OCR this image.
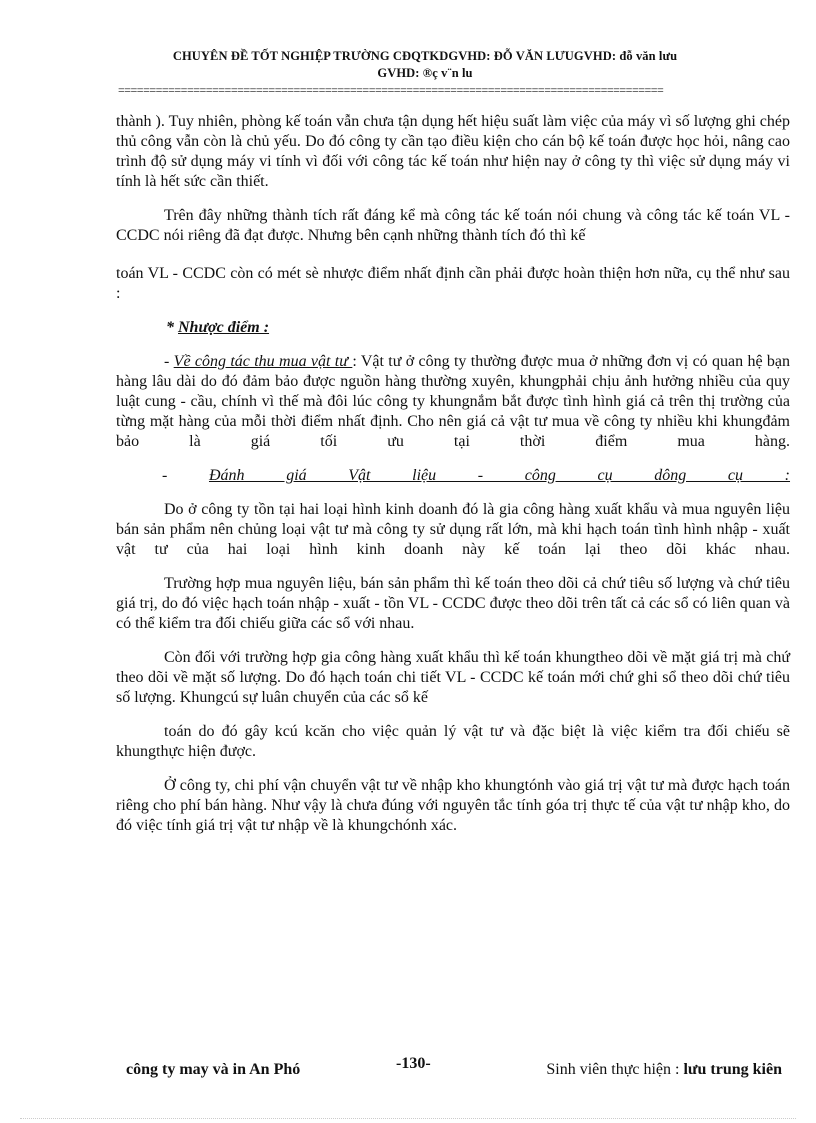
CHUYÊN ĐỀ TỐT NGHIỆP TRƯỜNG CĐQTKDGVHD: ĐỖ VĂN LƯUGVHD: đỗ văn lưu
GVHD: ®ç v¨n lu
=======================================================================================

thành ). Tuy nhiên, phòng kế toán vẫn chưa tận dụng hết hiệu suất làm việc của máy vì số lượng ghi chép thủ công vẫn còn là chủ yếu. Do đó công ty cần tạo điều kiện cho cán bộ kế toán được học hỏi, nâng cao trình độ sử dụng máy vi tính vì đối với công tác kế toán như hiện nay ở công ty thì việc sử dụng máy vi tính là hết sức cần thiết.

Trên đây những thành tích rất đáng kể mà công tác kế toán nói chung và công tác kế toán VL - CCDC nói riêng đã đạt được. Nhưng bên cạnh những thành tích đó thì kế

toán VL - CCDC còn có mét sè nhược điểm nhất định cần phải được hoàn thiện hơn nữa, cụ thể như sau :

* Nhược điểm :

- Về công tác thu mua vật tư : Vật tư ở công ty thường được mua ở những đơn vị có quan hệ bạn hàng lâu dài do đó đảm bảo được nguồn hàng thường xuyên, khungphải chịu ảnh hưởng nhiều của quy luật cung - cầu, chính vì thế mà đôi lúc công ty khungnắm bắt được tình hình giá cả trên thị trường của từng mặt hàng của mỗi thời điểm nhất định. Cho nên giá cả vật tư mua về công ty nhiều khi khungđảm bảo là giá tối ưu tại thời điểm mua hàng.

-	Đánh giá Vật liệu - công cụ dông cụ :

Do ở công ty tồn tại hai loại hình kinh doanh đó là gia công hàng xuất khẩu và mua nguyên liệu bán sản phẩm nên chủng loại vật tư mà công ty sử dụng rất lớn, mà khi hạch toán tình hình nhập - xuất vật tư của hai loại hình kinh doanh này kế toán lại theo dõi khác nhau.

Trường hợp mua nguyên liệu, bán sản phẩm thì kế toán theo dõi cả chứ tiêu số lượng và chứ tiêu giá trị, do đó việc hạch toán nhập - xuất - tồn VL - CCDC được theo dõi trên tất cả các sổ có liên quan và có thể kiểm tra đối chiếu giữa các sổ với nhau.

Còn đối với trường hợp gia công hàng xuất khẩu thì kế toán khungtheo dõi về mặt giá trị mà chứ theo dõi về mặt số lượng. Do đó hạch toán chi tiết VL - CCDC kế toán mới chứ ghi sổ theo dõi chứ tiêu số lượng. Khungcú sự luân chuyển của các sổ kế

toán do đó gây kcú kcăn cho việc quản lý vật tư và đặc biệt là việc kiểm tra đối chiếu sẽ khungthực hiện được.

Ở công ty, chi phí vận chuyển vật tư về nhập kho khungtónh vào giá trị vật tư mà được hạch toán riêng cho phí bán hàng. Như vậy là chưa đúng với nguyên tắc tính góa trị thực tế của vật tư nhập kho, do đó việc tính giá trị vật tư nhập về là khungchónh xác.

công ty may và in An Phó	-130-	Sinh viên thực hiện : lưu trung kiên
